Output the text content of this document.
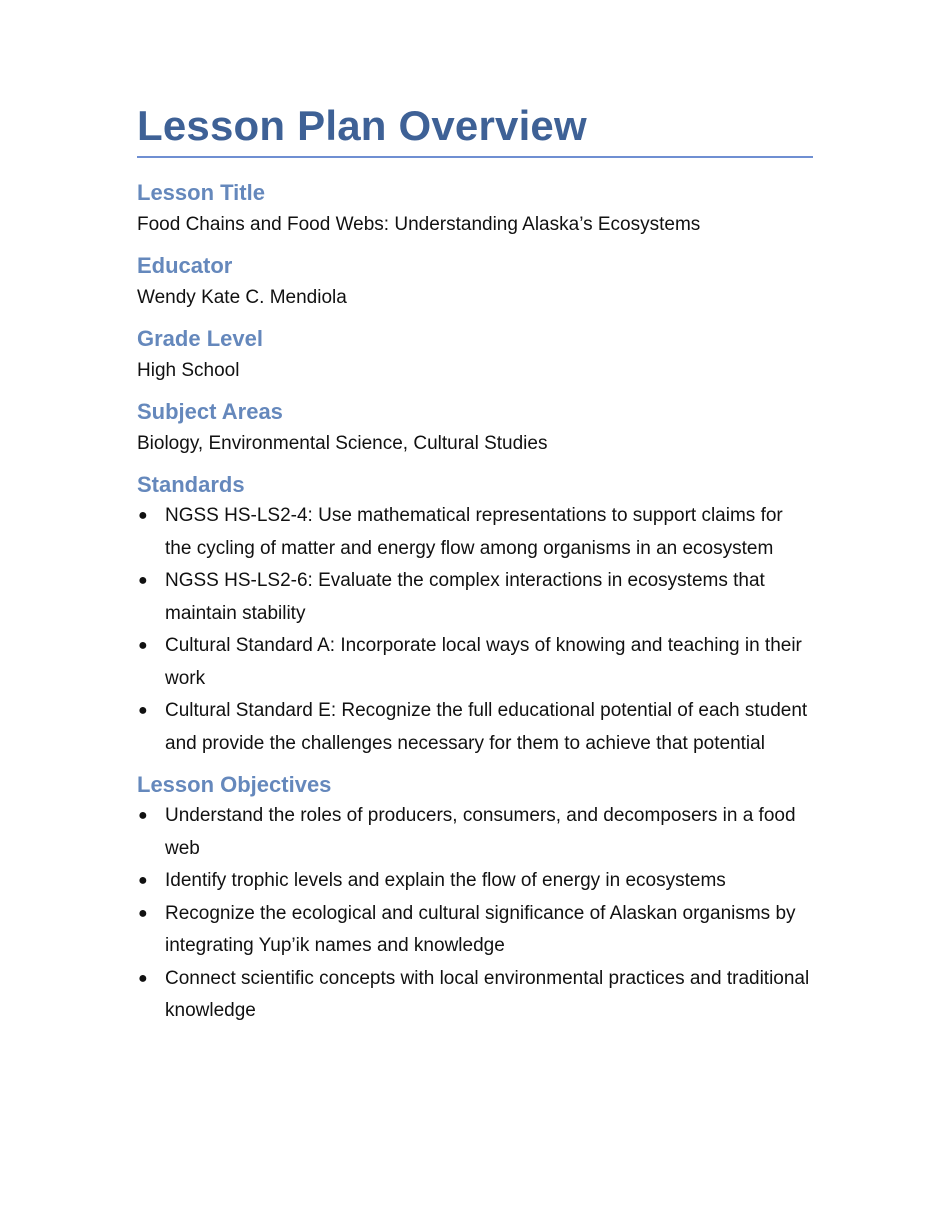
Lesson Plan Overview
Lesson Title

Food Chains and Food Webs: Understanding Alaska’s Ecosystems

Educator

Wendy Kate C. Mendiola

Grade Level

High School

Subject Areas

Biology, Environmental Science, Cultural Studies

Standards
● NGSS HS-LS2-4: Use mathematical representations to support claims for the cycling of matter and energy flow among organisms in an ecosystem
● NGSS HS-LS2-6: Evaluate the complex interactions in ecosystems that maintain stability
● Cultural Standard A: Incorporate local ways of knowing and teaching in their work
● Cultural Standard E: Recognize the full educational potential of each student and provide the challenges necessary for them to achieve that potential
Lesson Objectives
● Understand the roles of producers, consumers, and decomposers in a food web
● Identify trophic levels and explain the flow of energy in ecosystems
● Recognize the ecological and cultural significance of Alaskan organisms by integrating Yup’ik names and knowledge
● Connect scientific concepts with local environmental practices and traditional knowledge
